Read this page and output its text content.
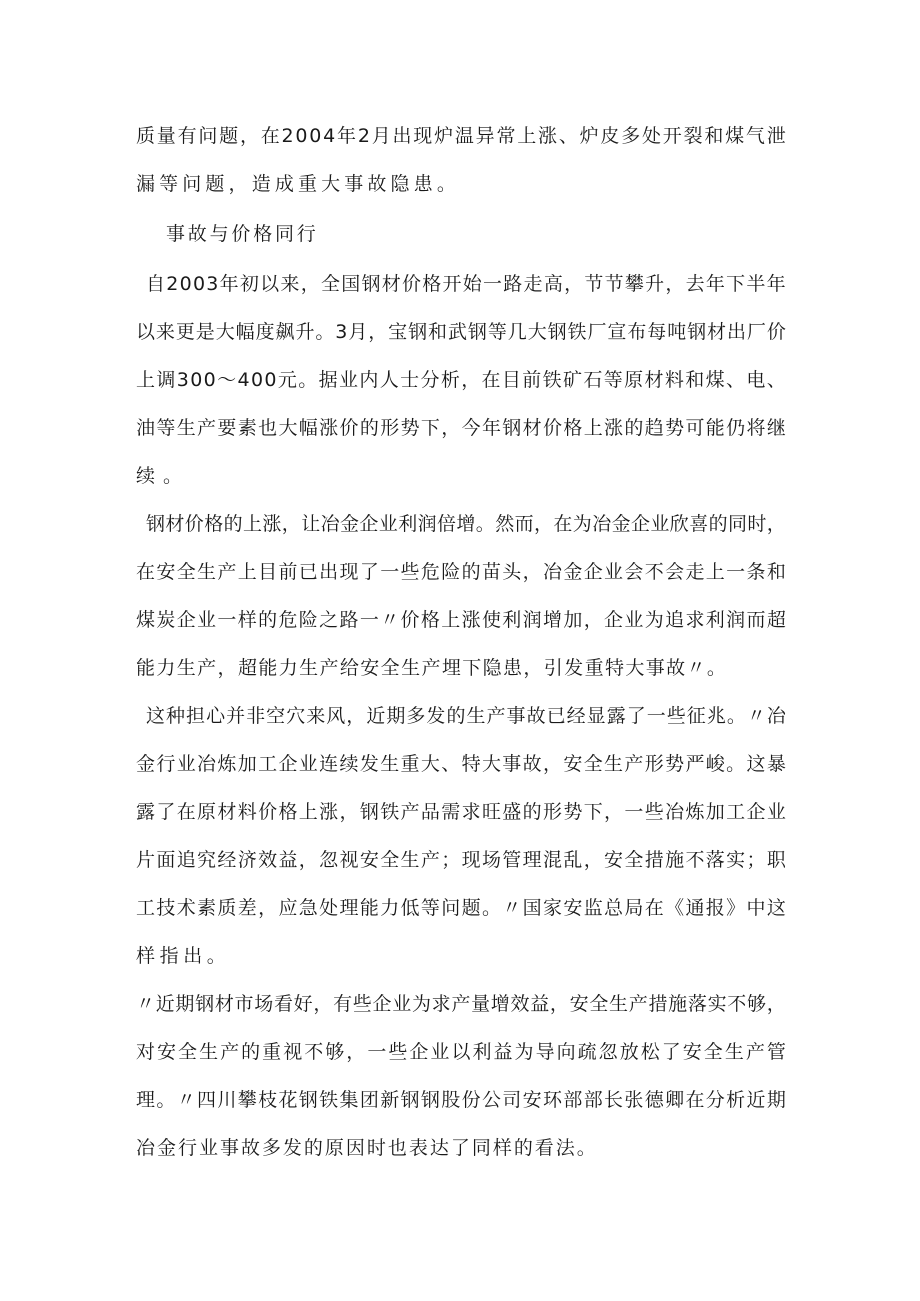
质量有问题，在2004年2月出现炉温异常上涨、炉皮多处开裂和煤气泄
漏等问题，造成重大事故隐患。
事故与价格同行
自2003年初以来，全国钢材价格开始一路走高，节节攀升，去年下半年
以来更是大幅度飙升。3月，宝钢和武钢等几大钢铁厂宣布每吨钢材出厂价
上调300～400元。据业内人士分析，在目前铁矿石等原材料和煤、电、
油等生产要素也大幅涨价的形势下，今年钢材价格上涨的趋势可能仍将继
续。
钢材价格的上涨，让冶金企业利润倍增。然而，在为冶金企业欣喜的同时，
在安全生产上目前已出现了一些危险的苗头，冶金企业会不会走上一条和
煤炭企业一样的危险之路一〃价格上涨使利润增加，企业为追求利润而超
能力生产，超能力生产给安全生产埋下隐患，引发重特大事故〃。
这种担心并非空穴来风，近期多发的生产事故已经显露了一些征兆。〃冶
金行业冶炼加工企业连续发生重大、特大事故，安全生产形势严峻。这暴
露了在原材料价格上涨，钢铁产品需求旺盛的形势下，一些冶炼加工企业
片面追究经济效益，忽视安全生产；现场管理混乱，安全措施不落实；职
工技术素质差，应急处理能力低等问题。〃国家安监总局在《通报》中这
样指出。
〃近期钢材市场看好，有些企业为求产量增效益，安全生产措施落实不够，
对安全生产的重视不够，一些企业以利益为导向疏忽放松了安全生产管
理。〃四川攀枝花钢铁集团新钢钢股份公司安环部部长张德卿在分析近期
冶金行业事故多发的原因时也表达了同样的看法。
